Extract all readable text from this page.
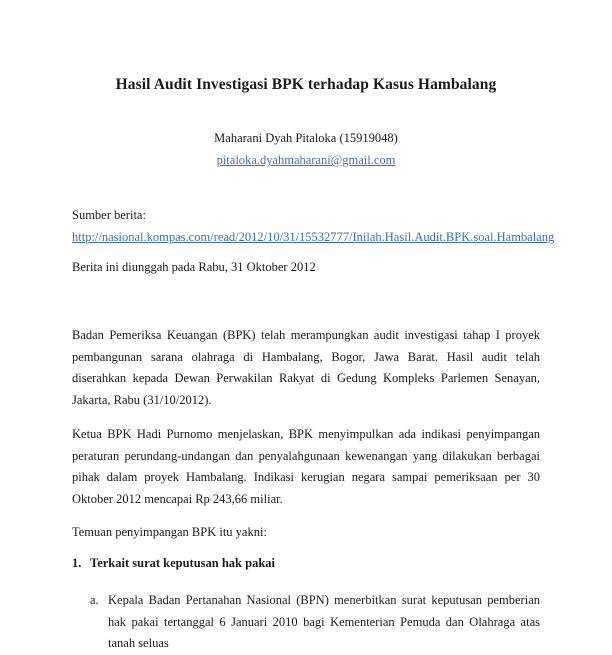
Hasil Audit Investigasi BPK terhadap Kasus Hambalang
Maharani Dyah Pitaloka (15919048)
pitaloka.dyahmaharani@gmail.com
Sumber berita:
http://nasional.kompas.com/read/2012/10/31/15532777/Inilah.Hasil.Audit.BPK.soal.Hambalang
Berita ini diunggah pada Rabu, 31 Oktober 2012
Badan Pemeriksa Keuangan (BPK) telah merampungkan audit investigasi tahap I proyek pembangunan sarana olahraga di Hambalang, Bogor, Jawa Barat. Hasil audit telah diserahkan kepada Dewan Perwakilan Rakyat di Gedung Kompleks Parlemen Senayan, Jakarta, Rabu (31/10/2012).
Ketua BPK Hadi Purnomo menjelaskan, BPK menyimpulkan ada indikasi penyimpangan peraturan perundang-undangan dan penyalahgunaan kewenangan yang dilakukan berbagai pihak dalam proyek Hambalang. Indikasi kerugian negara sampai pemeriksaan per 30 Oktober 2012 mencapai Rp 243,66 miliar.
Temuan penyimpangan BPK itu yakni:
1. Terkait surat keputusan hak pakai
a. Kepala Badan Pertanahan Nasional (BPN) menerbitkan surat keputusan pemberian hak pakai tertanggal 6 Januari 2010 bagi Kementerian Pemuda dan Olahraga atas tanah seluas
